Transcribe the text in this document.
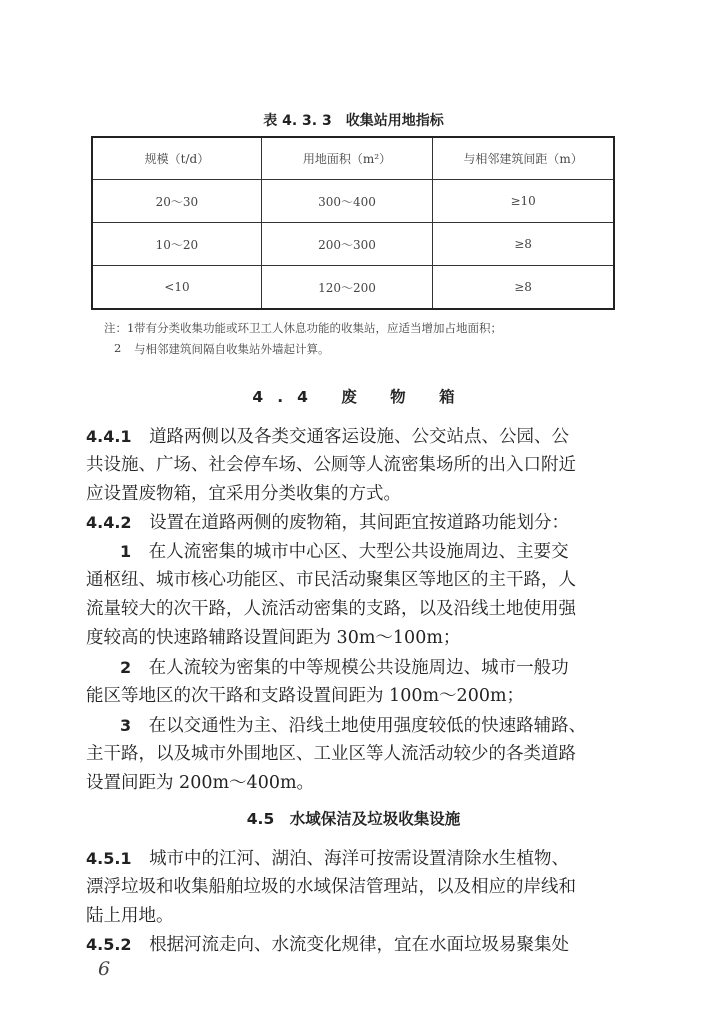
表 4. 3. 3　收集站用地指标
规模（t/d）	用地面积（m²）	与相邻建筑间距（m）
20～30	300～400	≥10
10～20	200～300	≥8
<10	120～200	≥8
注：1 带有分类收集功能或环卫工人休息功能的收集站，应适当增加占地面积；
2 与相邻建筑间隔自收集站外墙起计算。
4.4 废 物 箱
4.4.1　 道路两侧以及各类交通客运设施、公交站点、公园、公
共设施、广场、社会停车场、公厕等人流密集场所的出入口附近
应设置废物箱，宜采用分类收集的方式。
4.4.2　 设置在道路两侧的废物箱，其间距宜按道路功能划分：
1　 在人流密集的城市中心区、大型公共设施周边、主要交
通枢纽、城市核心功能区、市民活动聚集区等地区的主干路，人
流量较大的次干路，人流活动密集的支路，以及沿线土地使用强
度较高的快速路辅路设置间距为 30m～100m；
2　 在人流较为密集的中等规模公共设施周边、城市一般功
能区等地区的次干路和支路设置间距为 100m～200m；
3　 在以交通性为主、沿线土地使用强度较低的快速路辅路、
主干路，以及城市外围地区、工业区等人流活动较少的各类道路
设置间距为 200m～400m。
4.5　水域保洁及垃圾收集设施
4.5.1　 城市中的江河、湖泊、海洋可按需设置清除水生植物、
漂浮垃圾和收集船舶垃圾的水域保洁管理站，以及相应的岸线和
陆上用地。
4.5.2　 根据河流走向、水流变化规律，宜在水面垃圾易聚集处
6
